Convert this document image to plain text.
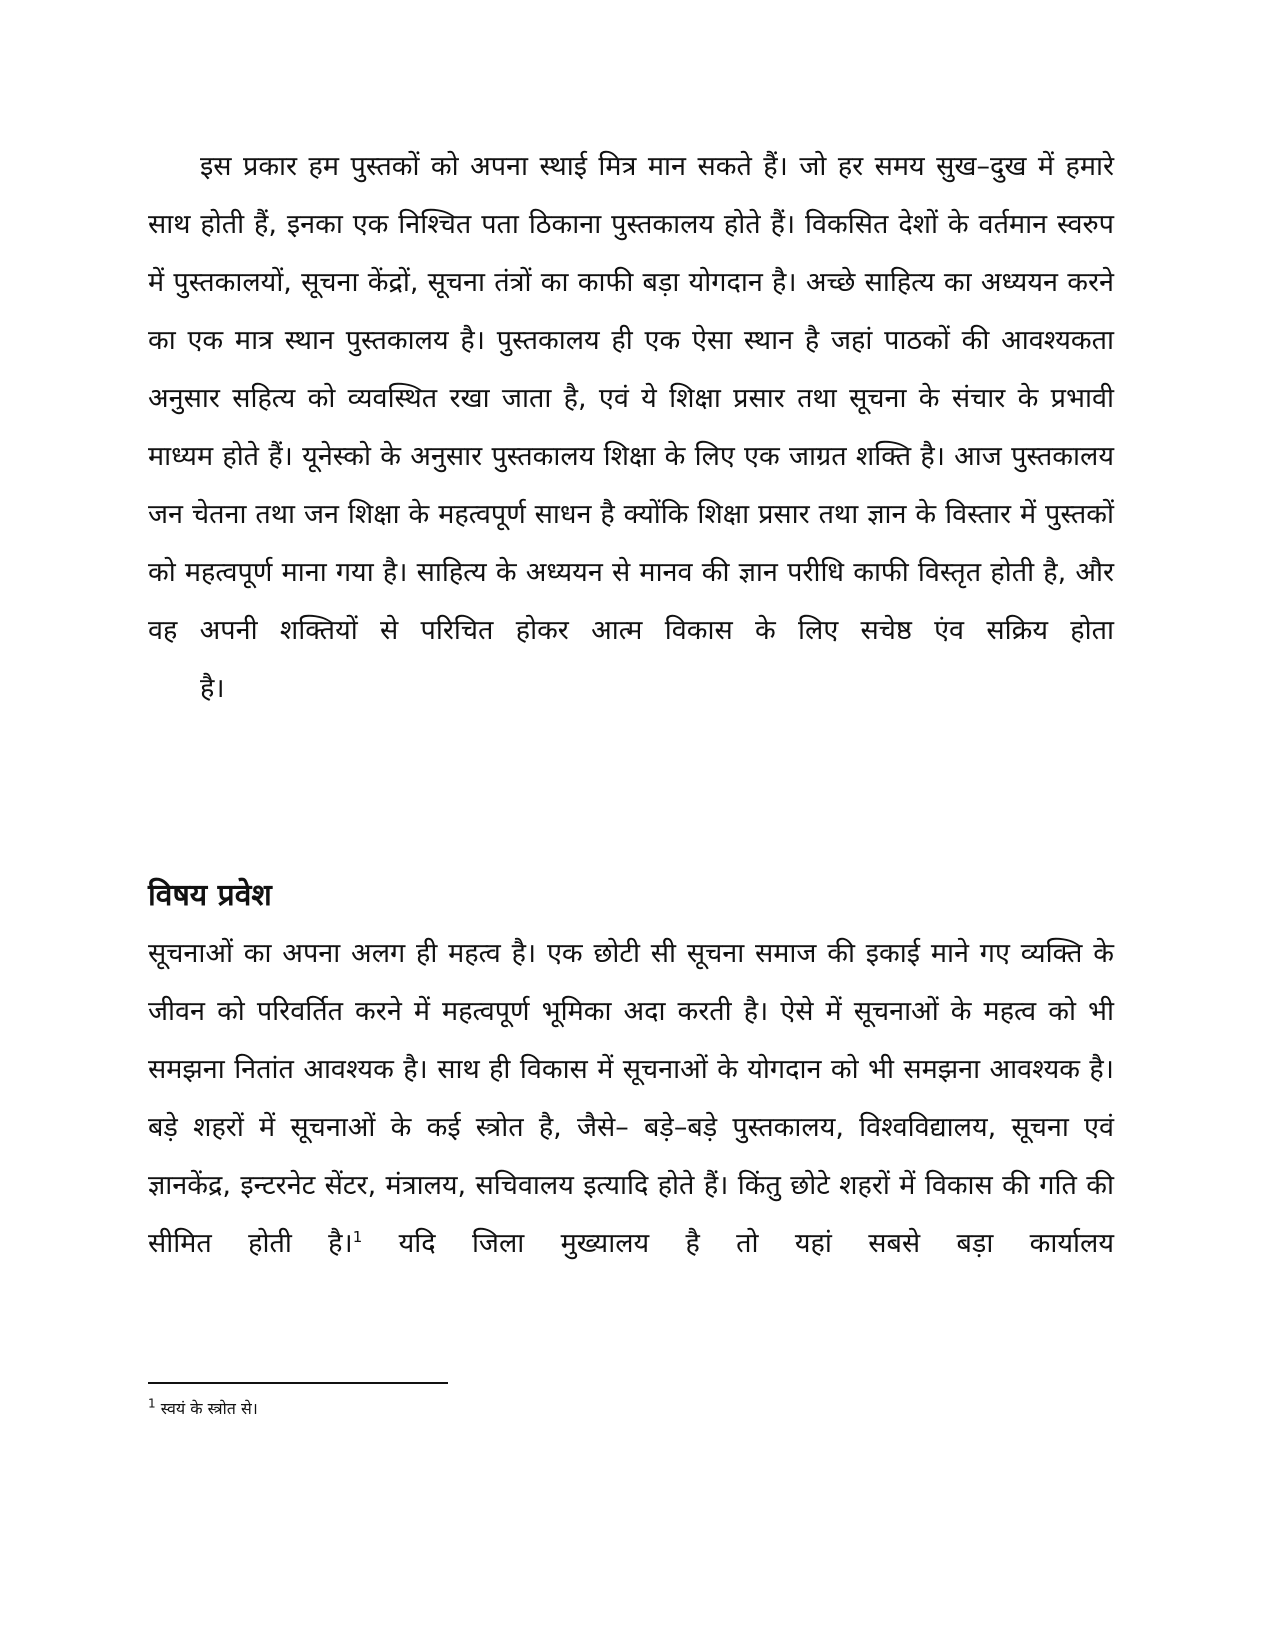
इस प्रकार हम पुस्तकों को अपना स्थाई मित्र मान सकते हैं। जो हर समय सुख–दुख में हमारे साथ होती हैं, इनका एक निश्चित पता ठिकाना पुस्तकालय होते हैं। विकसित देशों के वर्तमान स्वरुप में पुस्तकालयों, सूचना केंद्रों, सूचना तंत्रों का काफी बड़ा योगदान है। अच्छे साहित्य का अध्ययन करने का एक मात्र स्थान पुस्तकालय है। पुस्तकालय ही एक ऐसा स्थान है जहां पाठकों की आवश्यकता अनुसार सहित्य को व्यवस्थित रखा जाता है, एवं ये शिक्षा प्रसार तथा सूचना के संचार के प्रभावी माध्यम होते हैं। यूनेस्को के अनुसार पुस्तकालय शिक्षा के लिए एक जाग्रत शक्ति है। आज पुस्तकालय जन चेतना तथा जन शिक्षा के महत्वपूर्ण साधन है क्योंकि शिक्षा प्रसार तथा ज्ञान के विस्तार में पुस्तकों को महत्वपूर्ण माना गया है। साहित्य के अध्ययन से मानव की ज्ञान परीधि काफी विस्तृत होती है, और वह अपनी शक्तियों से परिचित होकर आत्म विकास के लिए सचेष्ठ एंव सक्रिय होता
है।

विषय प्रवेश

सूचनाओं का अपना अलग ही महत्व है। एक छोटी सी सूचना समाज की इकाई माने गए व्यक्ति के जीवन को परिवर्तित करने में महत्वपूर्ण भूमिका अदा करती है। ऐसे में सूचनाओं के महत्व को भी समझना नितांत आवश्यक है। साथ ही विकास में सूचनाओं के योगदान को भी समझना आवश्यक है। बड़े शहरों में सूचनाओं के कई स्त्रोत है, जैसे– बड़े–बड़े पुस्तकालय, विश्वविद्यालय, सूचना एवं ज्ञानकेंद्र, इन्टरनेट सेंटर, मंत्रालय, सचिवालय इत्यादि होते हैं। किंतु छोटे शहरों में विकास की गति की सीमित होती है।$^1$ यदि जिला मुख्यालय है तो यहां सबसे बड़ा कार्यालय

$^1$ स्वयं के स्त्रोत से।
